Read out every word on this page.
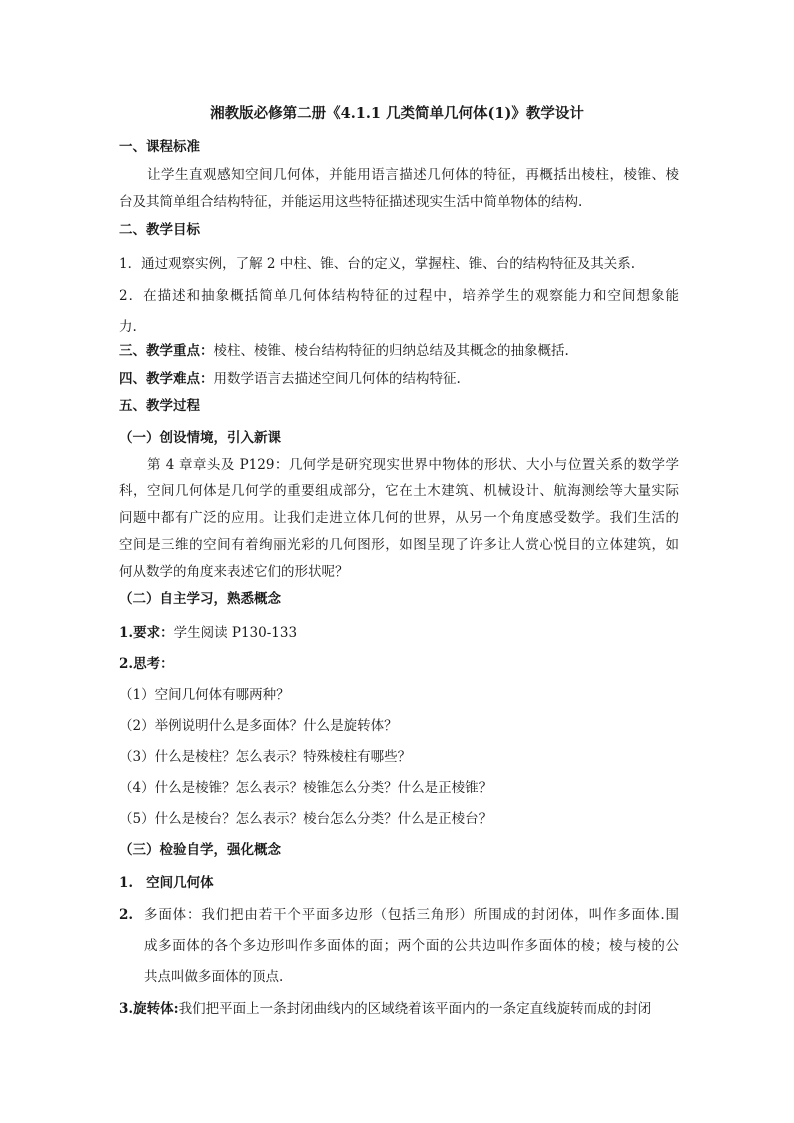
湘教版必修第二册《4.1.1 几类简单几何体(1)》教学设计
一、课程标准
让学生直观感知空间几何体，并能用语言描述几何体的特征，再概括出棱柱，棱锥、棱
台及其简单组合结构特征，并能运用这些特征描述现实生活中简单物体的结构.
二、教学目标
1．通过观察实例，了解 2 中柱、锥、台的定义，掌握柱、锥、台的结构特征及其关系.
2．在描述和抽象概括简单几何体结构特征的过程中，培养学生的观察能力和空间想象能
力.
三、教学重点：棱柱、棱锥、棱台结构特征的归纳总结及其概念的抽象概括.
四、教学难点：用数学语言去描述空间几何体的结构特征.
五、教学过程
（一）创设情境，引入新课
第 4 章章头及 P129：几何学是研究现实世界中物体的形状、大小与位置关系的数学学
科，空间几何体是几何学的重要组成部分，它在土木建筑、机械设计、航海测绘等大量实际
问题中都有广泛的应用。让我们走进立体几何的世界，从另一个角度感受数学。我们生活的
空间是三维的空间有着绚丽光彩的几何图形，如图呈现了许多让人赏心悦目的立体建筑，如
何从数学的角度来表述它们的形状呢？
（二）自主学习，熟悉概念
1.要求：学生阅读 P130-133
2.思考：
（1）空间几何体有哪两种？
（2）举例说明什么是多面体？什么是旋转体？
（3）什么是棱柱？怎么表示？特殊棱柱有哪些？
（4）什么是棱锥？怎么表示？棱锥怎么分类？什么是正棱锥？
（5）什么是棱台？怎么表示？棱台怎么分类？什么是正棱台？
（三）检验自学，强化概念
1. 空间几何体
2. 多面体：我们把由若干个平面多边形（包括三角形）所围成的封闭体，叫作多面体.围
成多面体的各个多边形叫作多面体的面；两个面的公共边叫作多面体的棱；棱与棱的公
共点叫做多面体的顶点.
3.旋转体:我们把平面上一条封闭曲线内的区域绕着该平面内的一条定直线旋转而成的封闭
